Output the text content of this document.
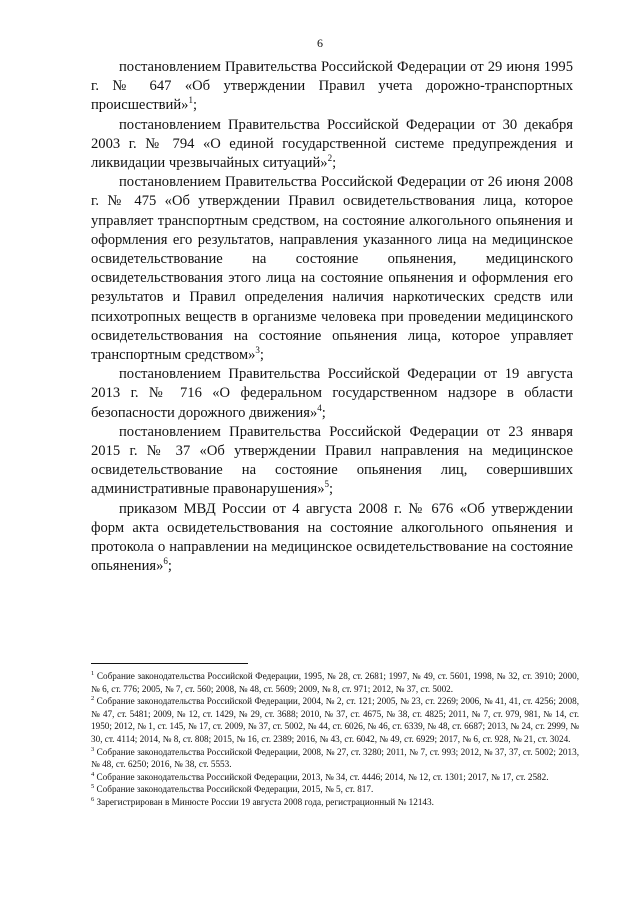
6

постановлением Правительства Российской Федерации от 29 июня 1995 г. № 647 «Об утверждении Правил учета дорожно-транспортных происшествий»$^1$;

постановлением Правительства Российской Федерации от 30 декабря 2003 г. № 794 «О единой государственной системе предупреждения и ликвидации чрезвычайных ситуаций»$^2$;

постановлением Правительства Российской Федерации от 26 июня 2008 г. № 475 «Об утверждении Правил освидетельствования лица, которое управляет транспортным средством, на состояние алкогольного опьянения и оформления его результатов, направления указанного лица на медицинское освидетельствование на состояние опьянения, медицинского освидетельствования этого лица на состояние опьянения и оформления его результатов и Правил определения наличия наркотических средств или психотропных веществ в организме человека при проведении медицинского освидетельствования на состояние опьянения лица, которое управляет транспортным средством»$^3$;

постановлением Правительства Российской Федерации от 19 августа 2013 г. № 716 «О федеральном государственном надзоре в области безопасности дорожного движения»$^4$;

постановлением Правительства Российской Федерации от 23 января 2015 г. № 37 «Об утверждении Правил направления на медицинское освидетельствование на состояние опьянения лиц, совершивших административные правонарушения»$^5$;

приказом МВД России от 4 августа 2008 г. № 676 «Об утверждении форм акта освидетельствования на состояние алкогольного опьянения и протокола о направлении на медицинское освидетельствование на состояние опьянения»$^6$;

$^1$ Собрание законодательства Российской Федерации, 1995, № 28, ст. 2681; 1997, № 49, ст. 5601, 1998, № 32, ст. 3910; 2000, № 6, ст. 776; 2005, № 7, ст. 560; 2008, № 48, ст. 5609; 2009, № 8, ст. 971; 2012, № 37, ст. 5002.

$^2$ Собрание законодательства Российской Федерации, 2004, № 2, ст. 121; 2005, № 23, ст. 2269; 2006, № 41, 41, ст. 4256; 2008, № 47, ст. 5481; 2009, № 12, ст. 1429, № 29, ст. 3688; 2010, № 37, ст. 4675, № 38, ст. 4825; 2011, № 7, ст. 979, 981, № 14, ст. 1950; 2012, № 1, ст. 145, № 17, ст. 2009, № 37, ст. 5002, № 44, ст. 6026, № 46, ст. 6339, № 48, ст. 6687; 2013, № 24, ст. 2999, № 30, ст. 4114; 2014, № 8, ст. 808; 2015, № 16, ст. 2389; 2016, № 43, ст. 6042, № 49, ст. 6929; 2017, № 6, ст. 928, № 21, ст. 3024.

$^3$ Собрание законодательства Российской Федерации, 2008, № 27, ст. 3280; 2011, № 7, ст. 993; 2012, № 37, 37, ст. 5002; 2013, № 48, ст. 6250; 2016, № 38, ст. 5553.

$^4$ Собрание законодательства Российской Федерации, 2013, № 34, ст. 4446; 2014, № 12, ст. 1301; 2017, № 17, ст. 2582.

$^5$ Собрание законодательства Российской Федерации, 2015, № 5, ст. 817.

$^6$ Зарегистрирован в Минюсте России 19 августа 2008 года, регистрационный № 12143.
